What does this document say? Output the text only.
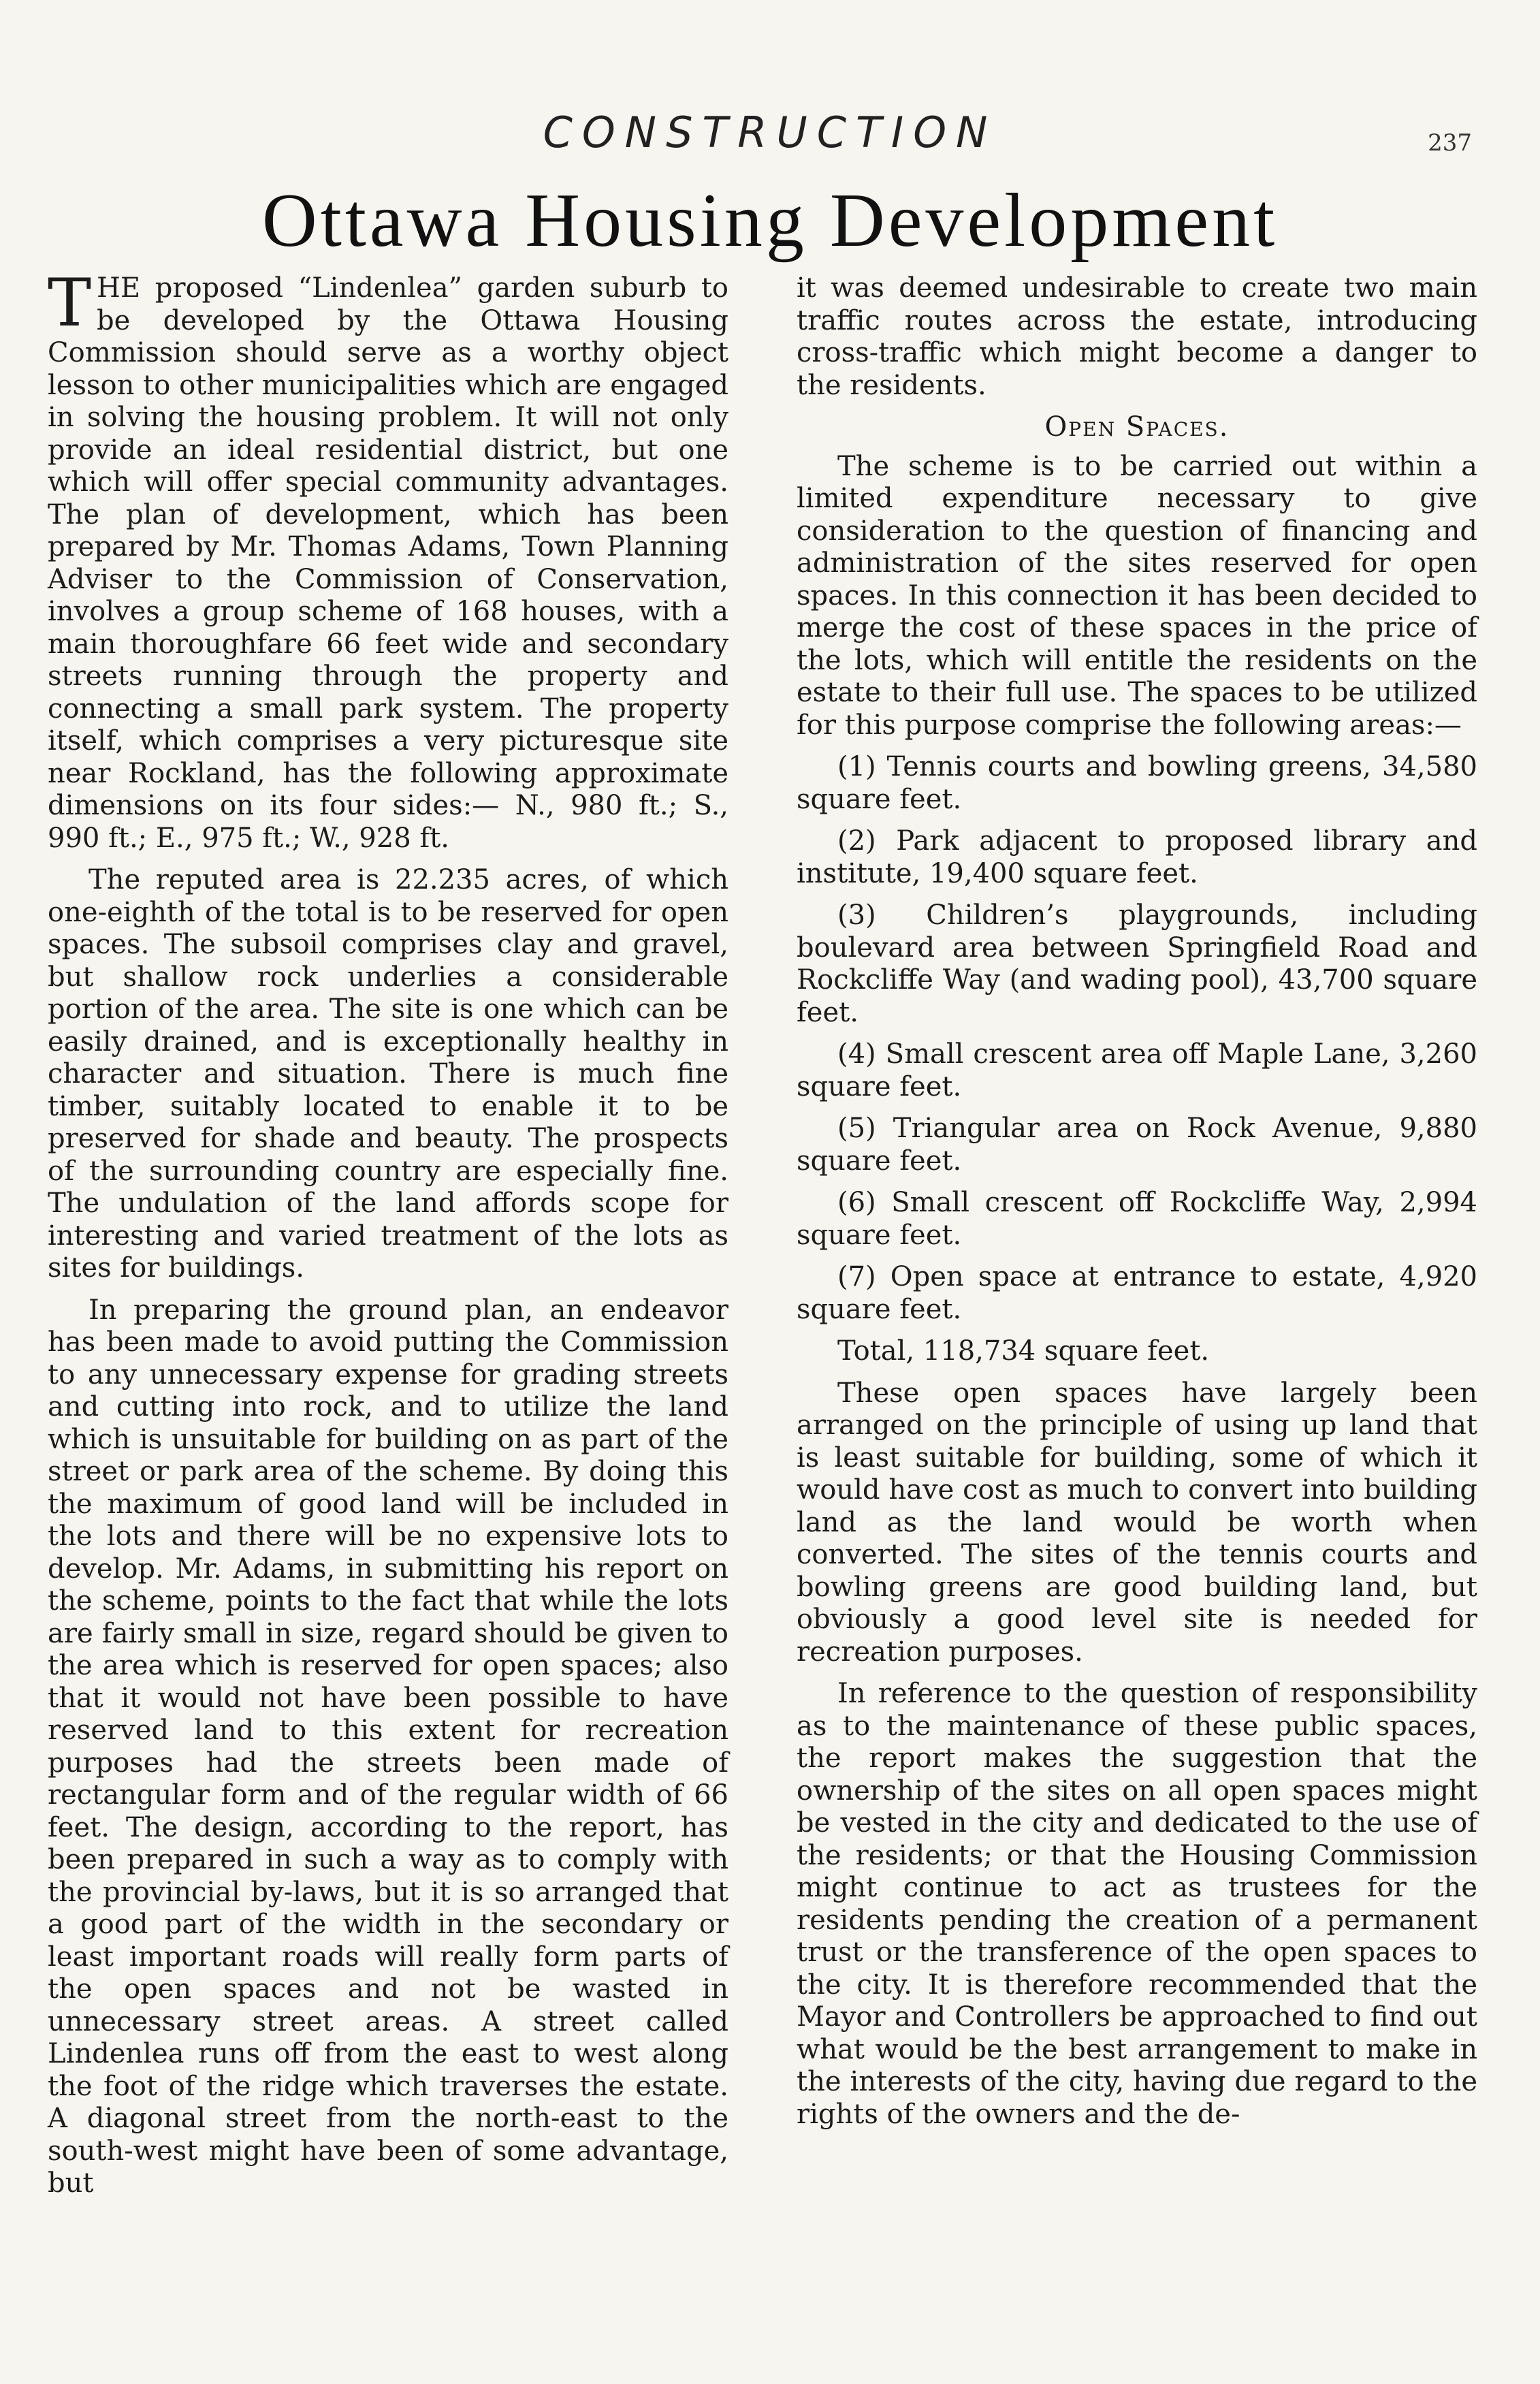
CONSTRUCTION	237
Ottawa Housing Development

THE proposed “Lindenlea” garden suburb to be developed by the Ottawa Housing Commission should serve as a worthy object lesson to other municipalities which are engaged in solving the housing problem. It will not only provide an ideal residential district, but one which will offer special community advantages. The plan of development, which has been prepared by Mr. Thomas Adams, Town Planning Adviser to the Commission of Conservation, involves a group scheme of 168 houses, with a main thoroughfare 66 feet wide and secondary streets running through the property and connecting a small park system. The property itself, which comprises a very picturesque site near Rockland, has the following approximate dimensions on its four sides:— N., 980 ft.; S., 990 ft.; E., 975 ft.; W., 928 ft.

The reputed area is 22.235 acres, of which one-eighth of the total is to be reserved for open spaces. The subsoil comprises clay and gravel, but shallow rock underlies a considerable portion of the area. The site is one which can be easily drained, and is exceptionally healthy in character and situation. There is much fine timber, suitably located to enable it to be preserved for shade and beauty. The prospects of the surrounding country are especially fine. The undulation of the land affords scope for interesting and varied treatment of the lots as sites for buildings.

In preparing the ground plan, an endeavor has been made to avoid putting the Commission to any unnecessary expense for grading streets and cutting into rock, and to utilize the land which is unsuitable for building on as part of the street or park area of the scheme. By doing this the maximum of good land will be included in the lots and there will be no expensive lots to develop. Mr. Adams, in submitting his report on the scheme, points to the fact that while the lots are fairly small in size, regard should be given to the area which is reserved for open spaces; also that it would not have been possible to have reserved land to this extent for recreation purposes had the streets been made of rectangular form and of the regular width of 66 feet. The design, according to the report, has been prepared in such a way as to comply with the provincial by-laws, but it is so arranged that a good part of the width in the secondary or least important roads will really form parts of the open spaces and not be wasted in unnecessary street areas. A street called Lindenlea runs off from the east to west along the foot of the ridge which traverses the estate. A diagonal street from the north-east to the south-west might have been of some advantage, but

it was deemed undesirable to create two main traffic routes across the estate, introducing cross-traffic which might become a danger to the residents.

Open Spaces.

The scheme is to be carried out within a limited expenditure necessary to give consideration to the question of financing and administration of the sites reserved for open spaces. In this connection it has been decided to merge the cost of these spaces in the price of the lots, which will entitle the residents on the estate to their full use. The spaces to be utilized for this purpose comprise the following areas:—

(1) Tennis courts and bowling greens, 34,580 square feet.

(2) Park adjacent to proposed library and institute, 19,400 square feet.

(3) Children’s playgrounds, including boulevard area between Springfield Road and Rockcliffe Way (and wading pool), 43,700 square feet.

(4) Small crescent area off Maple Lane, 3,260 square feet.

(5) Triangular area on Rock Avenue, 9,880 square feet.

(6) Small crescent off Rockcliffe Way, 2,994 square feet.

(7) Open space at entrance to estate, 4,920 square feet.

Total, 118,734 square feet.

These open spaces have largely been arranged on the principle of using up land that is least suitable for building, some of which it would have cost as much to convert into building land as the land would be worth when converted. The sites of the tennis courts and bowling greens are good building land, but obviously a good level site is needed for recreation purposes.

In reference to the question of responsibility as to the maintenance of these public spaces, the report makes the suggestion that the ownership of the sites on all open spaces might be vested in the city and dedicated to the use of the residents; or that the Housing Commission might continue to act as trustees for the residents pending the creation of a permanent trust or the transference of the open spaces to the city. It is therefore recommended that the Mayor and Controllers be approached to find out what would be the best arrangement to make in the interests of the city, having due regard to the rights of the owners and the de-
